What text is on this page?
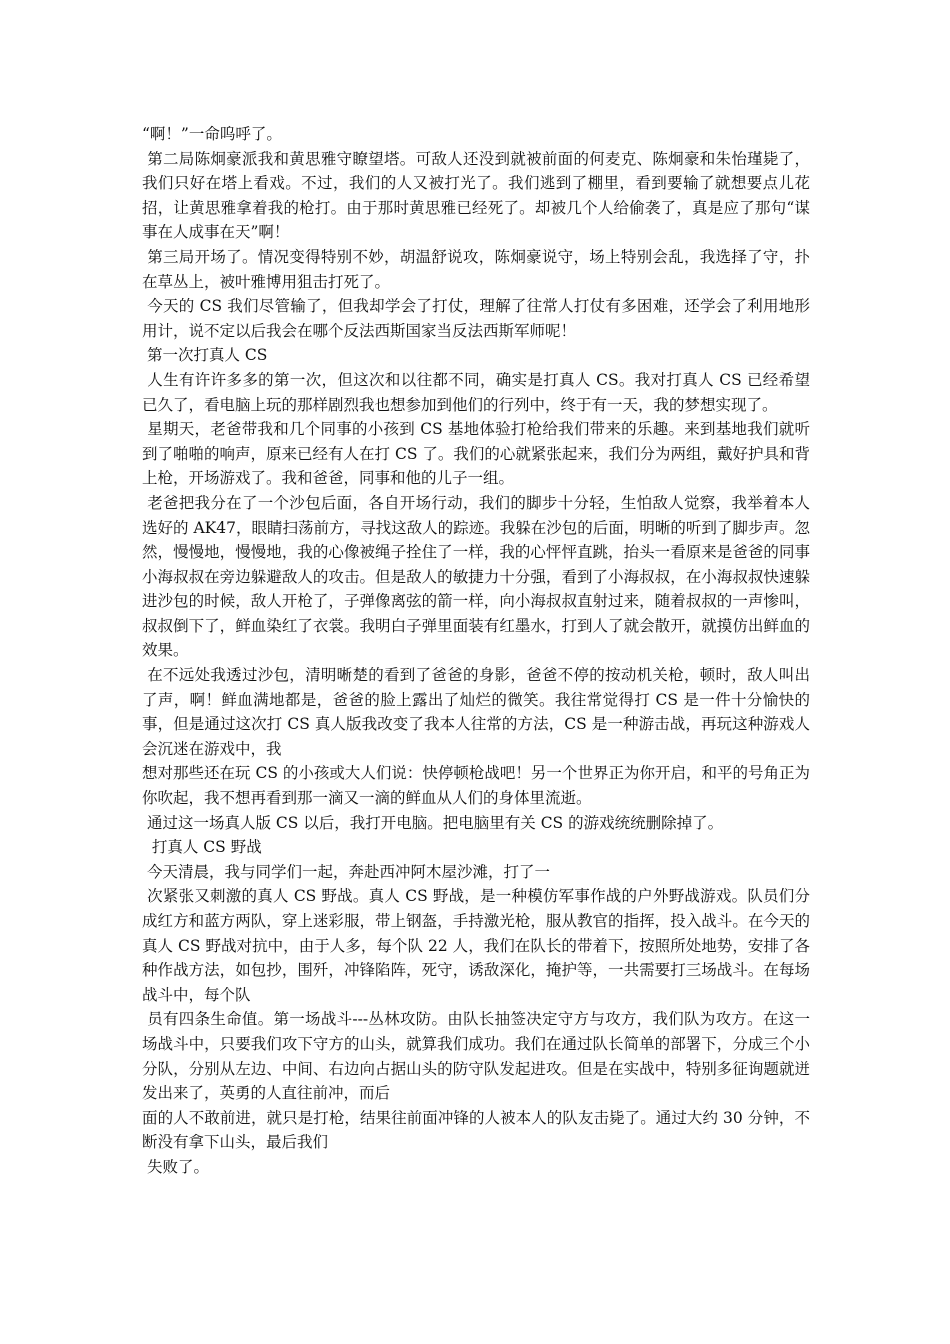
“啊！”一命呜呼了。

第二局陈炯豪派我和黄思雅守瞭望塔。可敌人还没到就被前面的何麦克、陈炯豪和朱怡瑾毙了，我们只好在塔上看戏。不过，我们的人又被打光了。我们逃到了棚里，看到要输了就想要点儿花招，让黄思雅拿着我的枪打。由于那时黄思雅已经死了。却被几个人给偷袭了，真是应了那句“谋事在人成事在天”啊！

第三局开场了。情况变得特别不妙，胡温舒说攻，陈炯豪说守，场上特别会乱，我选择了守，扑在草丛上，被叶雅博用狙击打死了。

今天的 CS 我们尽管输了，但我却学会了打仗，理解了往常人打仗有多困难，还学会了利用地形用计，说不定以后我会在哪个反法西斯国家当反法西斯军师呢！

第一次打真人 CS

人生有许许多多的第一次，但这次和以往都不同，确实是打真人 CS。我对打真人 CS 已经希望已久了，看电脑上玩的那样剧烈我也想参加到他们的行列中，终于有一天，我的梦想实现了。

星期天，老爸带我和几个同事的小孩到 CS 基地体验打枪给我们带来的乐趣。来到基地我们就听到了啪啪的响声，原来已经有人在打 CS 了。我们的心就紧张起来，我们分为两组，戴好护具和背上枪，开场游戏了。我和爸爸，同事和他的儿子一组。

老爸把我分在了一个沙包后面，各自开场行动，我们的脚步十分轻，生怕敌人觉察，我举着本人选好的 AK47，眼睛扫荡前方，寻找这敌人的踪迹。我躲在沙包的后面，明晰的听到了脚步声。忽然，慢慢地，慢慢地，我的心像被绳子拴住了一样，我的心怦怦直跳，抬头一看原来是爸爸的同事小海叔叔在旁边躲避敌人的攻击。但是敌人的敏捷力十分强，看到了小海叔叔，在小海叔叔快速躲进沙包的时候，敌人开枪了，子弹像离弦的箭一样，向小海叔叔直射过来，随着叔叔的一声惨叫，叔叔倒下了，鲜血染红了衣裳。我明白子弹里面装有红墨水，打到人了就会散开，就摸仿出鲜血的效果。

在不远处我透过沙包，清明晰楚的看到了爸爸的身影，爸爸不停的按动机关枪，顿时，敌人叫出了声，啊！鲜血满地都是，爸爸的脸上露出了灿烂的微笑。我往常觉得打 CS 是一件十分愉快的事，但是通过这次打 CS 真人版我改变了我本人往常的方法，CS 是一种游击战，再玩这种游戏人会沉迷在游戏中，我

想对那些还在玩 CS 的小孩或大人们说：快停顿枪战吧！另一个世界正为你开启，和平的号角正为你吹起，我不想再看到那一滴又一滴的鲜血从人们的身体里流逝。

通过这一场真人版 CS 以后，我打开电脑。把电脑里有关 CS 的游戏统统删除掉了。

打真人 CS 野战

今天清晨，我与同学们一起，奔赴西冲阿木屋沙滩，打了一

次紧张又刺激的真人 CS 野战。真人 CS 野战，是一种模仿军事作战的户外野战游戏。队员们分成红方和蓝方两队，穿上迷彩服，带上钢盔，手持激光枪，服从教官的指挥，投入战斗。在今天的真人 CS 野战对抗中，由于人多，每个队 22 人，我们在队长的带着下，按照所处地势，安排了各种作战方法，如包抄，围歼，冲锋陷阵，死守，诱敌深化，掩护等，一共需要打三场战斗。在每场战斗中，每个队

员有四条生命值。第一场战斗---丛林攻防。由队长抽签决定守方与攻方，我们队为攻方。在这一场战斗中，只要我们攻下守方的山头，就算我们成功。我们在通过队长简单的部署下，分成三个小分队，分别从左边、中间、右边向占据山头的防守队发起进攻。但是在实战中，特别多征询题就迸发出来了，英勇的人直往前冲，而后

面的人不敢前进，就只是打枪，结果往前面冲锋的人被本人的队友击毙了。通过大约 30 分钟，不断没有拿下山头，最后我们

失败了。
